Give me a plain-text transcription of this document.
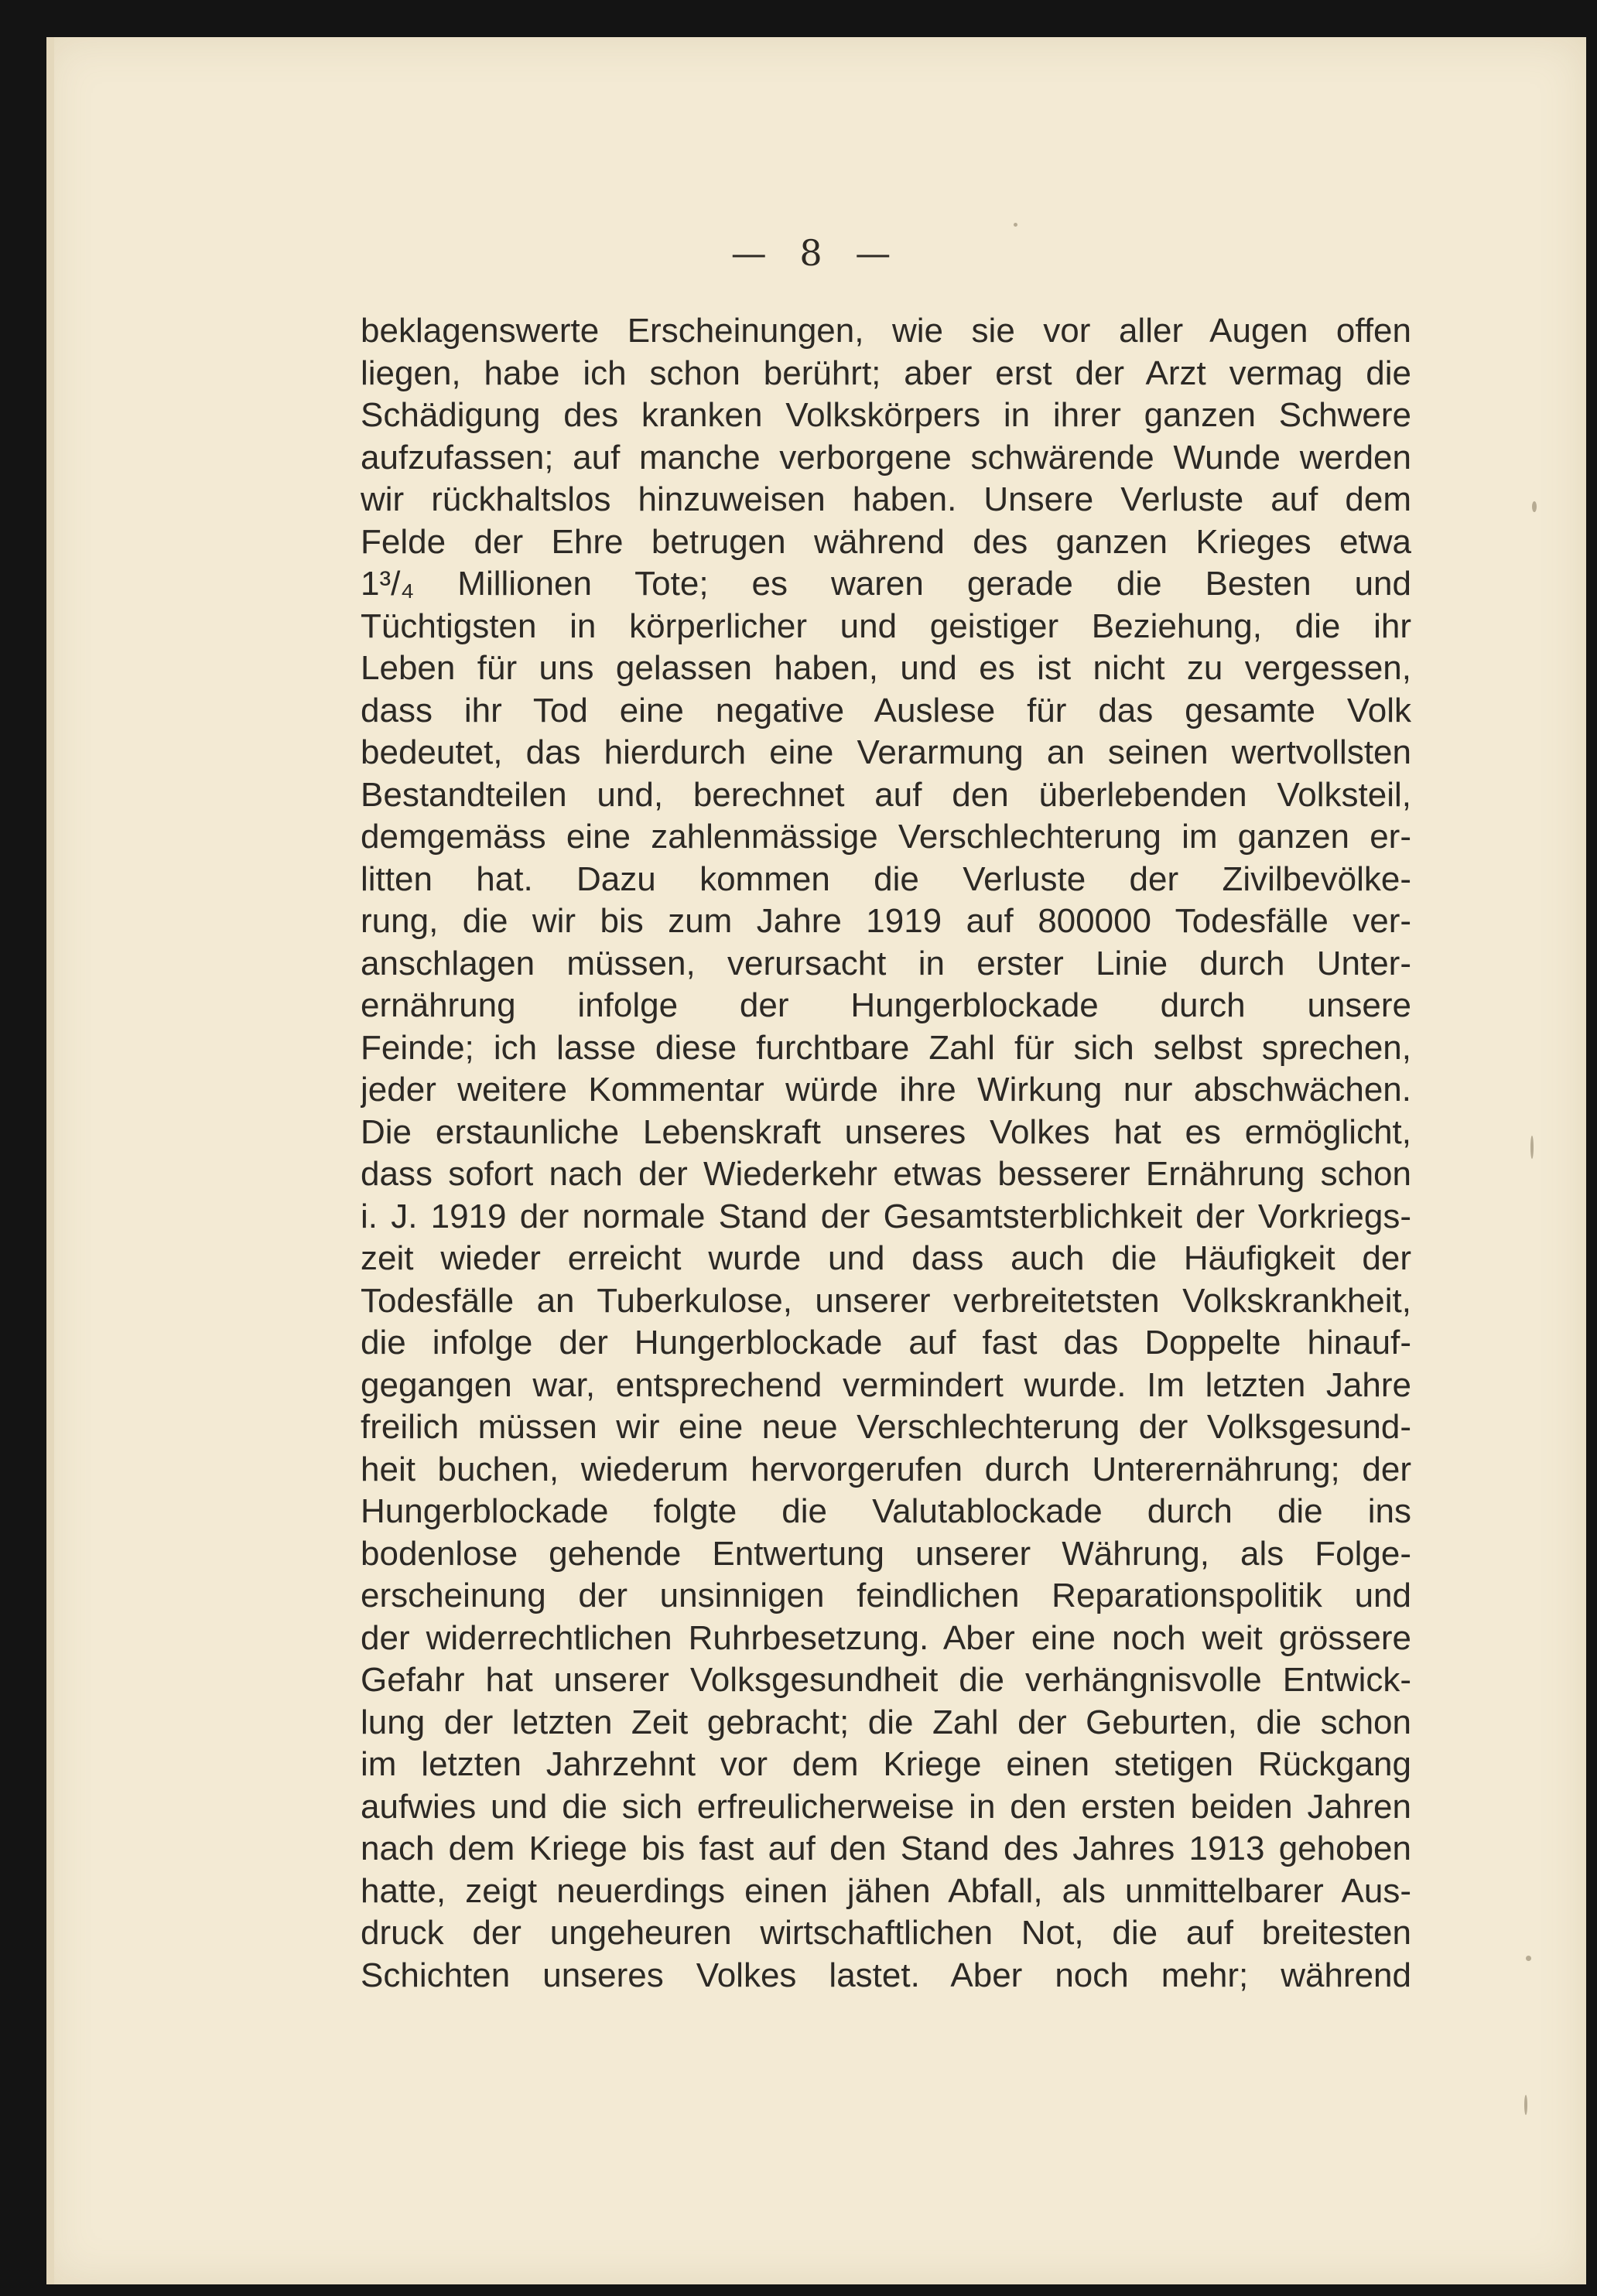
— 8 —
beklagenswerte Erscheinungen, wie sie vor aller Augen offen
liegen, habe ich schon berührt; aber erst der Arzt vermag die
Schädigung des kranken Volkskörpers in ihrer ganzen Schwere
aufzufassen; auf manche verborgene schwärende Wunde werden
wir rückhaltslos hinzuweisen haben. Unsere Verluste auf dem
Felde der Ehre betrugen während des ganzen Krieges etwa
1³/₄ Millionen Tote; es waren gerade die Besten und
Tüchtigsten in körperlicher und geistiger Beziehung, die ihr
Leben für uns gelassen haben, und es ist nicht zu vergessen,
dass ihr Tod eine negative Auslese für das gesamte Volk
bedeutet, das hierdurch eine Verarmung an seinen wertvollsten
Bestandteilen und, berechnet auf den überlebenden Volksteil,
demgemäss eine zahlenmässige Verschlechterung im ganzen er-
litten hat. Dazu kommen die Verluste der Zivilbevölke-
rung, die wir bis zum Jahre 1919 auf 800000 Todesfälle ver-
anschlagen müssen, verursacht in erster Linie durch Unter-
ernährung infolge der Hungerblockade durch unsere
Feinde; ich lasse diese furchtbare Zahl für sich selbst sprechen,
jeder weitere Kommentar würde ihre Wirkung nur abschwächen.
Die erstaunliche Lebenskraft unseres Volkes hat es ermöglicht,
dass sofort nach der Wiederkehr etwas besserer Ernährung schon
i. J. 1919 der normale Stand der Gesamtsterblichkeit der Vorkriegs-
zeit wieder erreicht wurde und dass auch die Häufigkeit der
Todesfälle an Tuberkulose, unserer verbreitetsten Volkskrankheit,
die infolge der Hungerblockade auf fast das Doppelte hinauf-
gegangen war, entsprechend vermindert wurde. Im letzten Jahre
freilich müssen wir eine neue Verschlechterung der Volksgesund-
heit buchen, wiederum hervorgerufen durch Unterernährung; der
Hungerblockade folgte die Valutablockade durch die ins
bodenlose gehende Entwertung unserer Währung, als Folge-
erscheinung der unsinnigen feindlichen Reparationspolitik und
der widerrechtlichen Ruhrbesetzung. Aber eine noch weit grössere
Gefahr hat unserer Volksgesundheit die verhängnisvolle Entwick-
lung der letzten Zeit gebracht; die Zahl der Geburten, die schon
im letzten Jahrzehnt vor dem Kriege einen stetigen Rückgang
aufwies und die sich erfreulicherweise in den ersten beiden Jahren
nach dem Kriege bis fast auf den Stand des Jahres 1913 gehoben
hatte, zeigt neuerdings einen jähen Abfall, als unmittelbarer Aus-
druck der ungeheuren wirtschaftlichen Not, die auf breitesten
Schichten unseres Volkes lastet. Aber noch mehr; während
